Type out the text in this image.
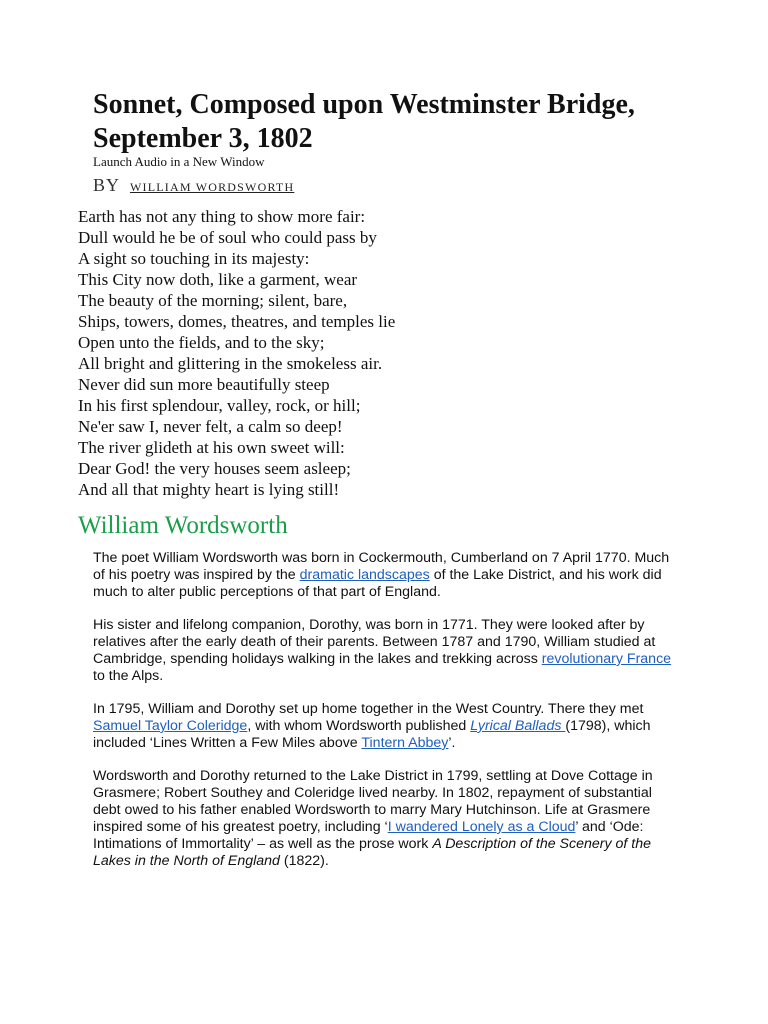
Sonnet, Composed upon Westminster Bridge, September 3, 1802
Launch Audio in a New Window
BY WILLIAM WORDSWORTH
Earth has not any thing to show more fair:
Dull would he be of soul who could pass by
A sight so touching in its majesty:
This City now doth, like a garment, wear
The beauty of the morning; silent, bare,
Ships, towers, domes, theatres, and temples lie
Open unto the fields, and to the sky;
All bright and glittering in the smokeless air.
Never did sun more beautifully steep
In his first splendour, valley, rock, or hill;
Ne'er saw I, never felt, a calm so deep!
The river glideth at his own sweet will:
Dear God! the very houses seem asleep;
And all that mighty heart is lying still!
William Wordsworth

The poet William Wordsworth was born in Cockermouth, Cumberland on 7 April 1770. Much of his poetry was inspired by the dramatic landscapes of the Lake District, and his work did much to alter public perceptions of that part of England.

His sister and lifelong companion, Dorothy, was born in 1771. They were looked after by relatives after the early death of their parents. Between 1787 and 1790, William studied at Cambridge, spending holidays walking in the lakes and trekking across revolutionary France to the Alps.

In 1795, William and Dorothy set up home together in the West Country. There they met Samuel Taylor Coleridge, with whom Wordsworth published Lyrical Ballads (1798), which included ‘Lines Written a Few Miles above Tintern Abbey’.

Wordsworth and Dorothy returned to the Lake District in 1799, settling at Dove Cottage in Grasmere; Robert Southey and Coleridge lived nearby. In 1802, repayment of substantial debt owed to his father enabled Wordsworth to marry Mary Hutchinson. Life at Grasmere inspired some of his greatest poetry, including ‘I wandered Lonely as a Cloud’ and ‘Ode: Intimations of Immortality’ – as well as the prose work A Description of the Scenery of the Lakes in the North of England (1822).
